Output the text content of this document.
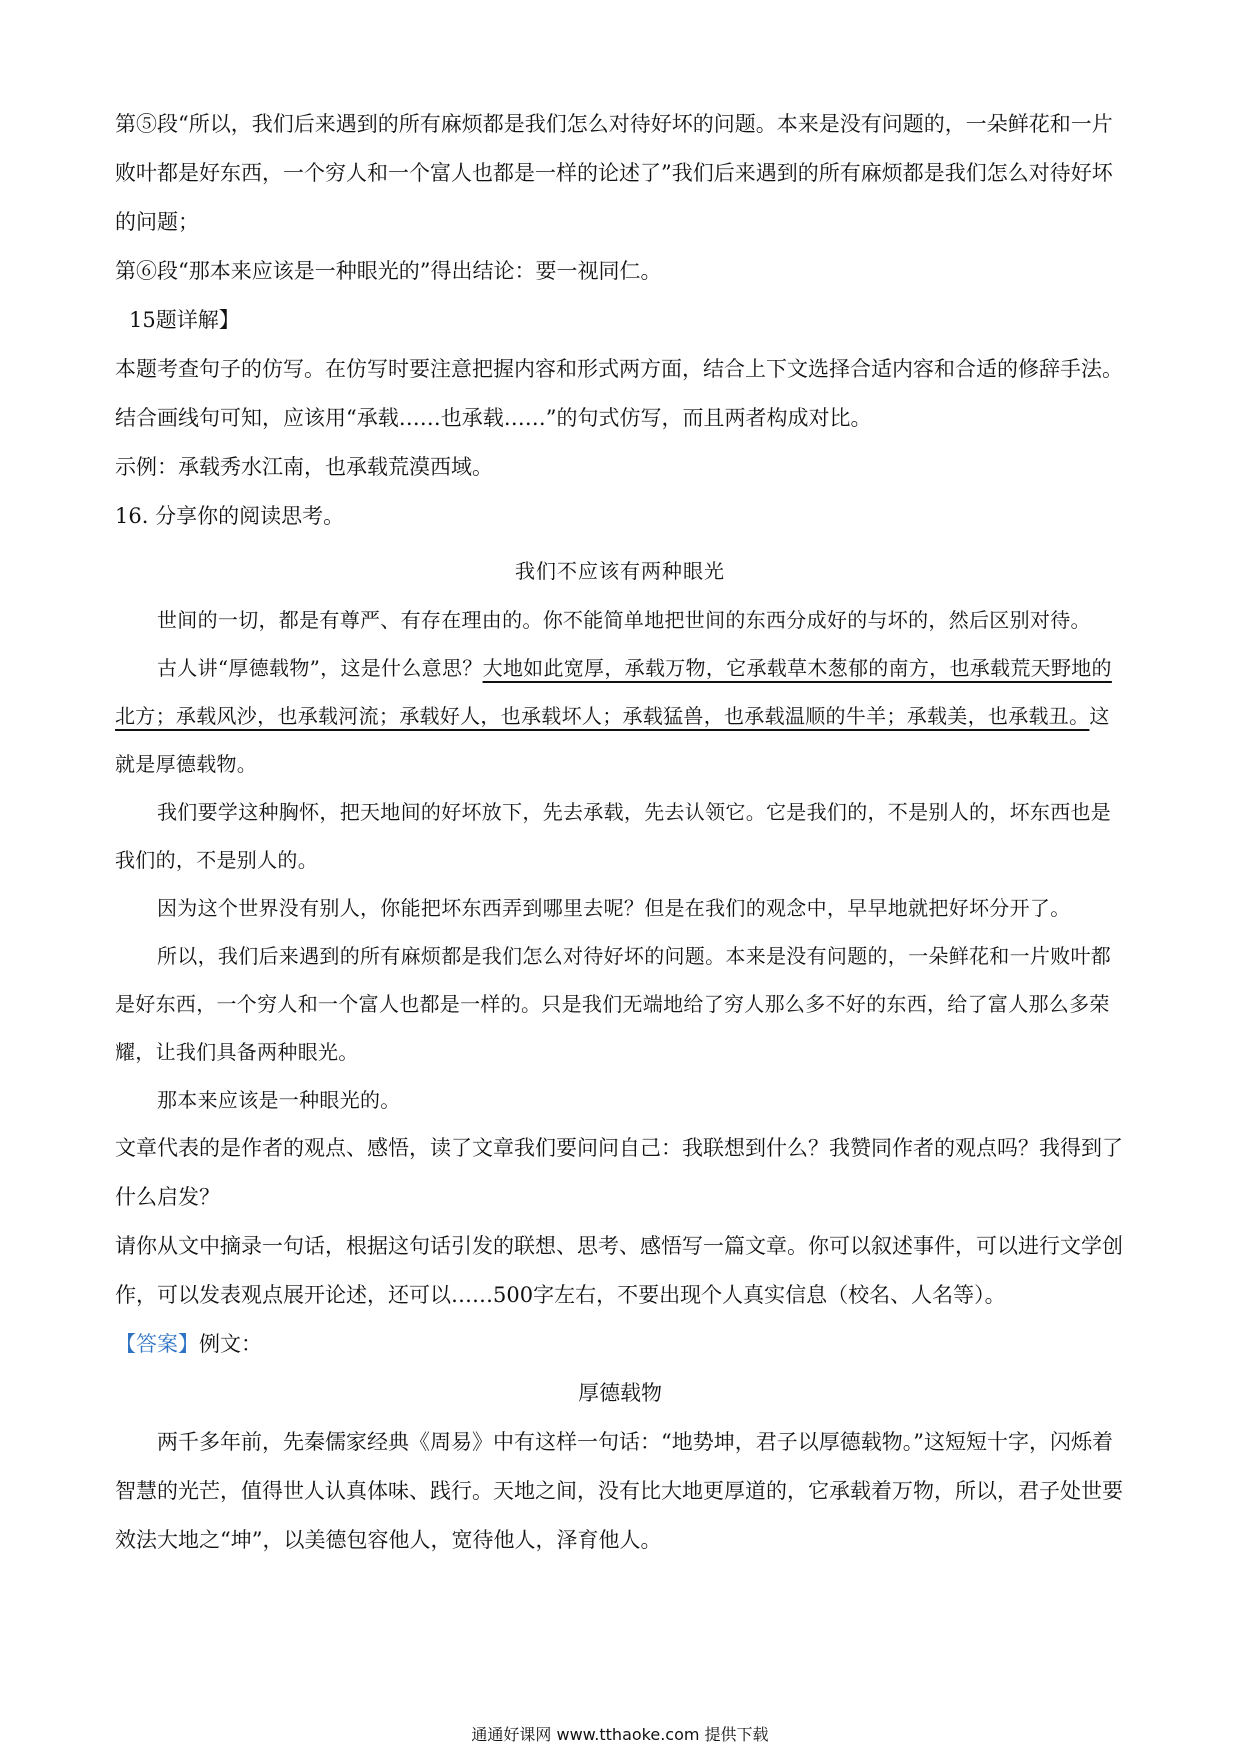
第⑤段“所以，我们后来遇到的所有麻烦都是我们怎么对待好坏的问题。本来是没有问题的，一朵鲜花和一片败叶都是好东西，一个穷人和一个富人也都是一样的论述了”我们后来遇到的所有麻烦都是我们怎么对待好坏的问题；

第⑥段“那本来应该是一种眼光的”得出结论：要一视同仁。

15题详解】

本题考查句子的仿写。在仿写时要注意把握内容和形式两方面，结合上下文选择合适内容和合适的修辞手法。

结合画线句可知，应该用“承载……也承载……”的句式仿写，而且两者构成对比。

示例：承载秀水江南，也承载荒漠西域。

16. 分享你的阅读思考。

我们不应该有两种眼光

世间的一切，都是有尊严、有存在理由的。你不能简单地把世间的东西分成好的与坏的，然后区别对待。

古人讲“厚德载物”，这是什么意思？大地如此宽厚，承载万物，它承载草木葱郁的南方，也承载荒天野地的北方；承载风沙，也承载河流；承载好人，也承载坏人；承载猛兽，也承载温顺的牛羊；承载美，也承载丑。这就是厚德载物。

我们要学这种胸怀，把天地间的好坏放下，先去承载，先去认领它。它是我们的，不是别人的，坏东西也是我们的，不是别人的。

因为这个世界没有别人，你能把坏东西弄到哪里去呢？但是在我们的观念中，早早地就把好坏分开了。

所以，我们后来遇到的所有麻烦都是我们怎么对待好坏的问题。本来是没有问题的，一朵鲜花和一片败叶都是好东西，一个穷人和一个富人也都是一样的。只是我们无端地给了穷人那么多不好的东西，给了富人那么多荣耀，让我们具备两种眼光。

那本来应该是一种眼光的。

文章代表的是作者的观点、感悟，读了文章我们要问问自己：我联想到什么？我赞同作者的观点吗？我得到了什么启发？

请你从文中摘录一句话，根据这句话引发的联想、思考、感悟写一篇文章。你可以叙述事件，可以进行文学创作，可以发表观点展开论述，还可以……500字左右，不要出现个人真实信息（校名、人名等）。

【答案】例文：

厚德载物

两千多年前，先秦儒家经典《周易》中有这样一句话：“地势坤，君子以厚德载物。”这短短十字，闪烁着智慧的光芒，值得世人认真体味、践行。天地之间，没有比大地更厚道的，它承载着万物，所以，君子处世要效法大地之“坤”，以美德包容他人，宽待他人，泽育他人。

通通好课网 www.tthaoke.com 提供下载
